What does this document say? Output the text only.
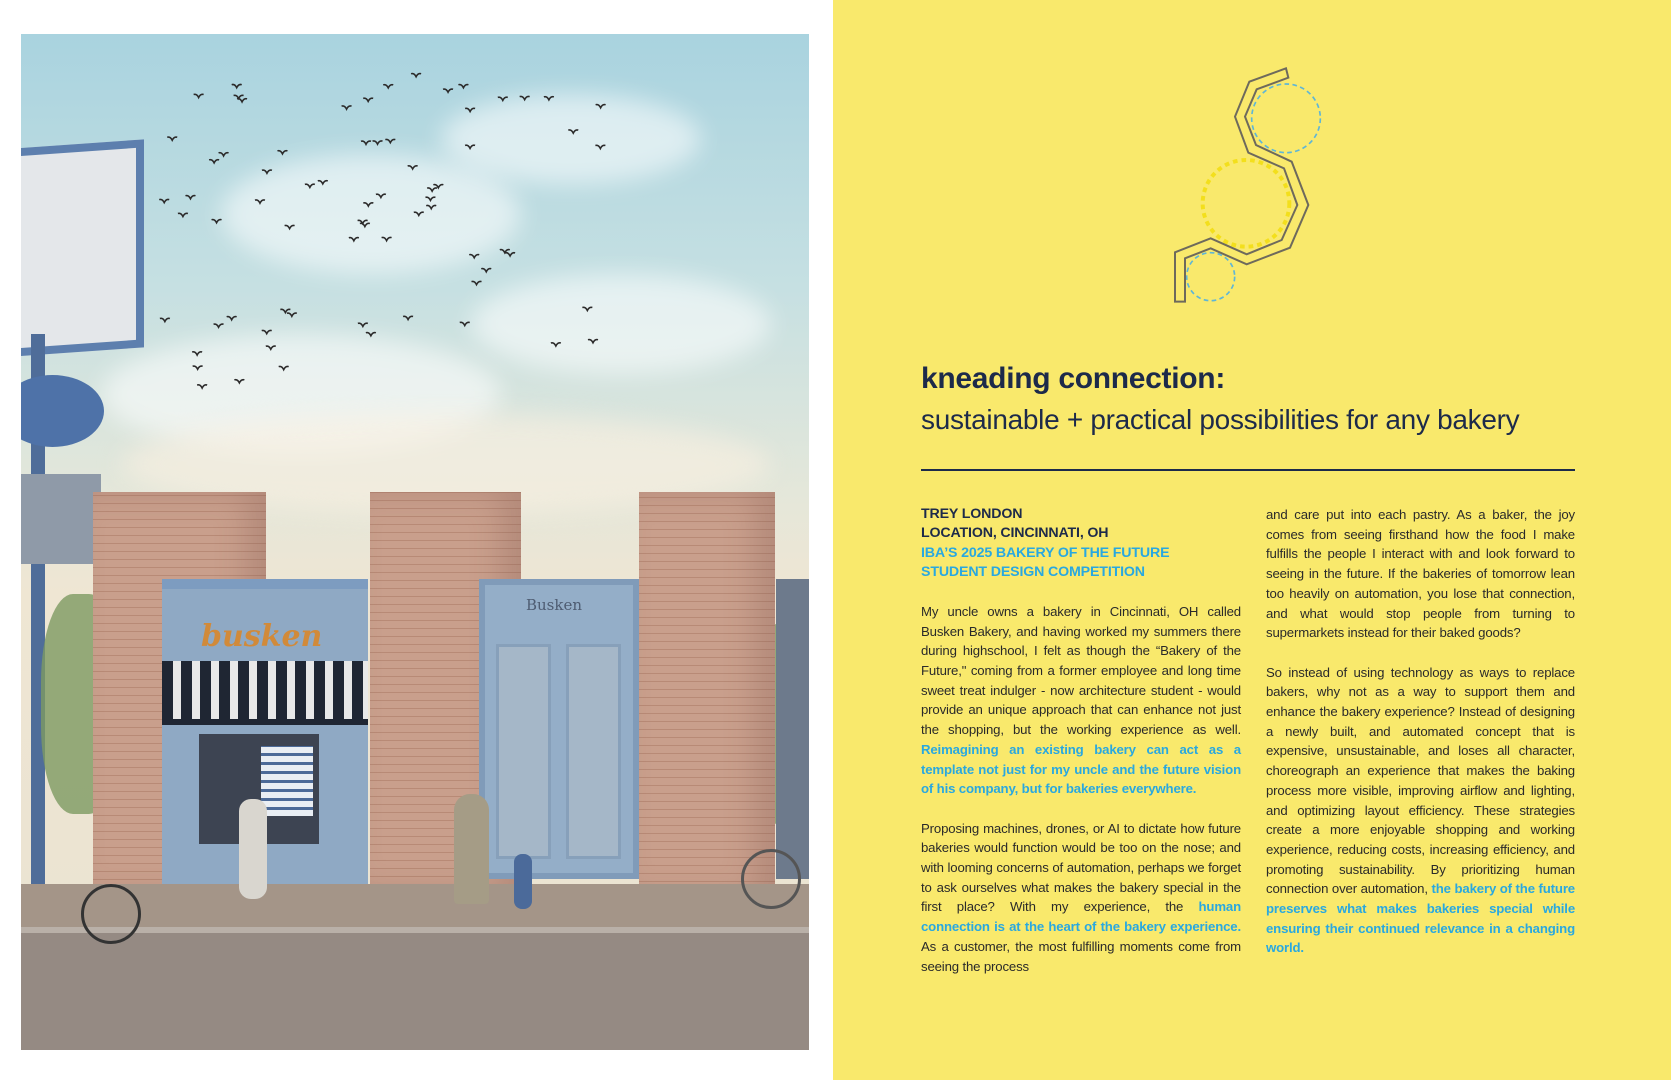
busken
Busken
kneading connection:
sustainable + practical possibilities for any bakery
TREY LONDON
LOCATION, CINCINNATI, OH
IBA’S 2025 BAKERY OF THE FUTURE
STUDENT DESIGN COMPETITION

My uncle owns a bakery in Cincinnati, OH called Busken Bakery, and having worked my summers there during highschool, I felt as though the “Bakery of the Future," coming from a former employee and long time sweet treat indulger - now architecture student - would provide an unique approach that can enhance not just the shopping, but the working experience as well. Reimagining an existing bakery can act as a template not just for my uncle and the future vision of his company, but for bakeries everywhere.

Proposing machines, drones, or AI to dictate how future bakeries would function would be too on the nose; and with looming concerns of automation, perhaps we forget to ask ourselves what makes the bakery special in the first place? With my experience, the human connection is at the heart of the bakery experience. As a customer, the most fulfilling moments come from seeing the process

and care put into each pastry. As a baker, the joy comes from seeing firsthand how the food I make fulfills the people I interact with and look forward to seeing in the future. If the bakeries of tomorrow lean too heavily on automation, you lose that connection, and what would stop people from turning to supermarkets instead for their baked goods?

So instead of using technology as ways to replace bakers, why not as a way to support them and enhance the bakery experience? Instead of designing a newly built, and automated concept that is expensive, unsustainable, and loses all character, choreograph an experience that makes the baking process more visible, improving airflow and lighting, and optimizing layout efficiency. These strategies create a more enjoyable shopping and working experience, reducing costs, increasing efficiency, and promoting sustainability. By prioritizing human connection over automation, the bakery of the future preserves what makes bakeries special while ensuring their continued relevance in a changing world.
